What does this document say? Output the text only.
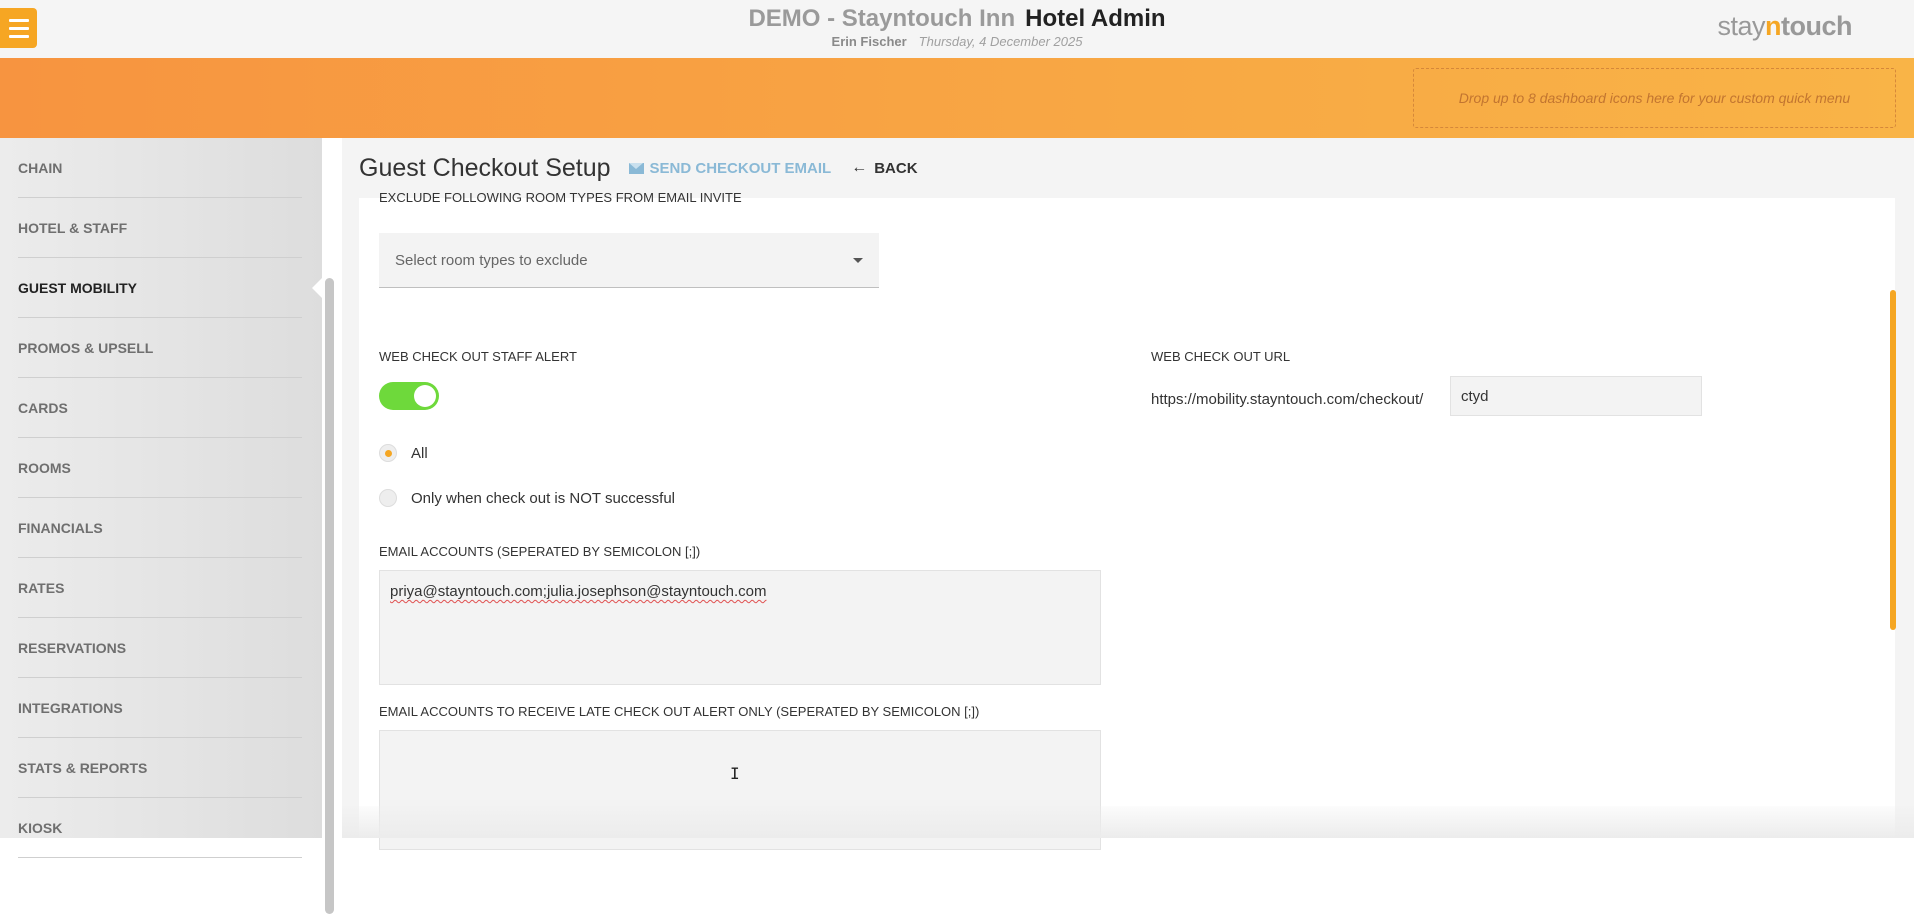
DEMO - Stayntouch Inn Hotel Admin
Erin Fischer Thursday, 4 December 2025
stayntouch
Drop up to 8 dashboard icons here for your custom quick menu
CHAIN
HOTEL & STAFF
GUEST MOBILITY
PROMOS & UPSELL
CARDS
ROOMS
FINANCIALS
RATES
RESERVATIONS
INTEGRATIONS
STATS & REPORTS
KIOSK
Guest Checkout Setup	SEND CHECKOUT EMAIL ← BACK
EXCLUDE FOLLOWING ROOM TYPES FROM EMAIL INVITE
Select room types to exclude
WEB CHECK OUT STAFF ALERT
All
Only when check out is NOT successful
EMAIL ACCOUNTS (SEPERATED BY SEMICOLON [;])
priya@stayntouch.com;julia.josephson@stayntouch.com
EMAIL ACCOUNTS TO RECEIVE LATE CHECK OUT ALERT ONLY (SEPERATED BY SEMICOLON [;])
I
WEB CHECK OUT URL
https://mobility.stayntouch.com/checkout/	ctyd
